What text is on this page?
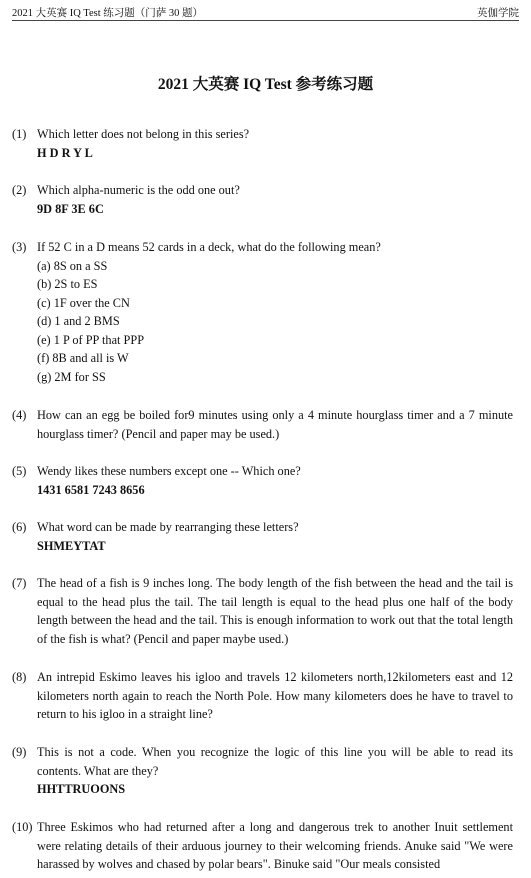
2021 大英赛 IQ Test 练习题（门萨 30 题）	英伽学院
2021 大英赛 IQ Test 参考练习题
(1) Which letter does not belong in this series?

H D R Y L

(2) Which alpha-numeric is the odd one out?

9D 8F 3E 6C

(3) If 52 C in a D means 52 cards in a deck, what do the following mean?

(a) 8S on a SS
(b) 2S to ES
(c) 1F over the CN
(d) 1 and 2 BMS
(e) 1 P of PP that PPP
(f) 8B and all is W
(g) 2M for SS
(4) How can an egg be boiled for9 minutes using only a 4 minute hourglass timer and a 7 minute hourglass timer? (Pencil and paper may be used.)

(5) Wendy likes these numbers except one -- Which one?

1431 6581 7243 8656

(6) What word can be made by rearranging these letters?

SHMEYTAT

(7) The head of a fish is 9 inches long. The body length of the fish between the head and the tail is equal to the head plus the tail. The tail length is equal to the head plus one half of the body length between the head and the tail. This is enough information to work out that the total length of the fish is what? (Pencil and paper maybe used.)

(8) An intrepid Eskimo leaves his igloo and travels 12 kilometers north,12kilometers east and 12 kilometers north again to reach the North Pole. How many kilometers does he have to travel to return to his igloo in a straight line?

(9) This is not a code. When you recognize the logic of this line you will be able to read its contents. What are they?

HHTTRUOONS

(10) Three Eskimos who had returned after a long and dangerous trek to another Inuit settlement were relating details of their arduous journey to their welcoming friends. Anuke said "We were harassed by wolves and chased by polar bears". Binuke said "Our meals consisted
